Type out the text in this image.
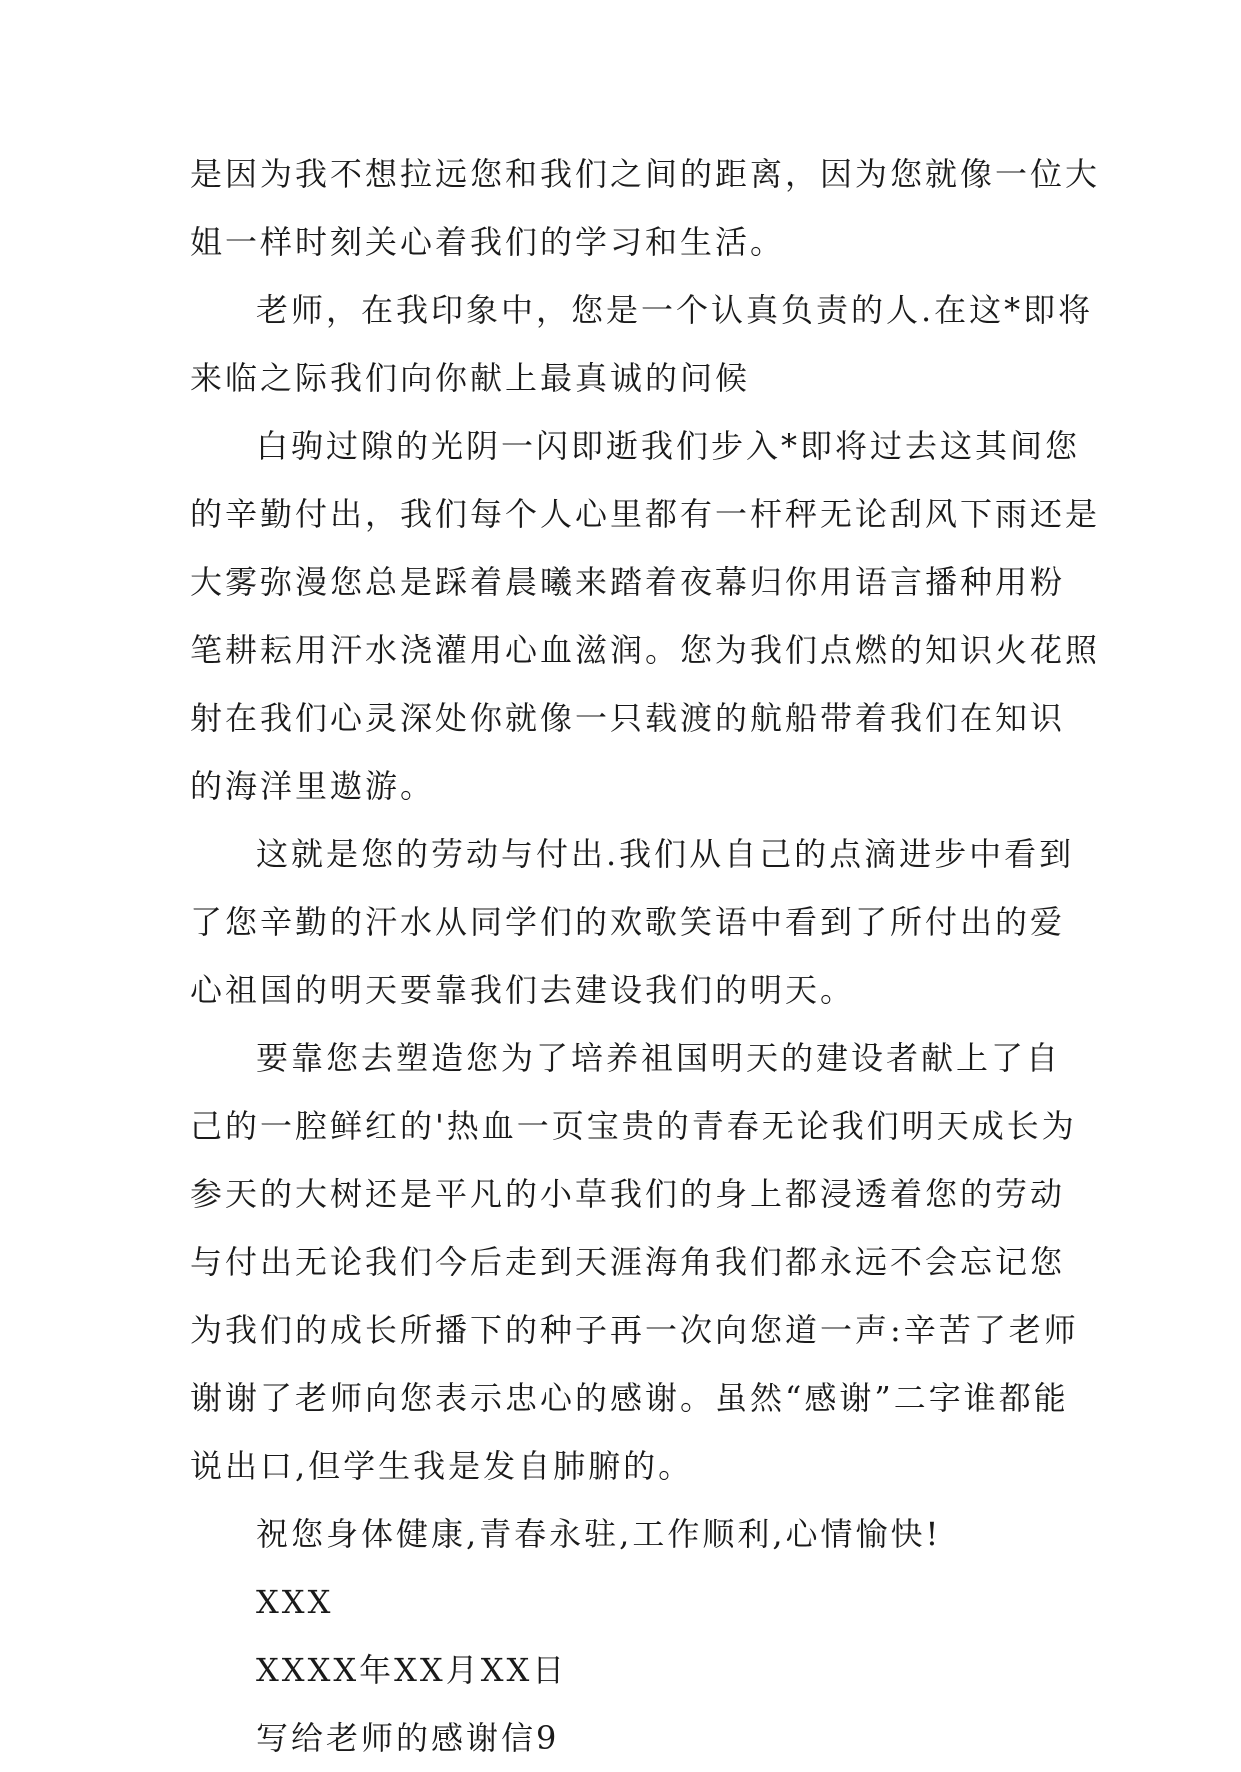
是因为我不想拉远您和我们之间的距离，因为您就像一位大
姐一样时刻关心着我们的学习和生活。
老师，在我印象中，您是一个认真负责的人.在这*即将
来临之际我们向你献上最真诚的问候
白驹过隙的光阴一闪即逝我们步入*即将过去这其间您
的辛勤付出，我们每个人心里都有一杆秤无论刮风下雨还是
大雾弥漫您总是踩着晨曦来踏着夜幕归你用语言播种用粉
笔耕耘用汗水浇灌用心血滋润。您为我们点燃的知识火花照
射在我们心灵深处你就像一只载渡的航船带着我们在知识
的海洋里遨游。
这就是您的劳动与付出.我们从自己的点滴进步中看到
了您辛勤的汗水从同学们的欢歌笑语中看到了所付出的爱
心祖国的明天要靠我们去建设我们的明天。
要靠您去塑造您为了培养祖国明天的建设者献上了自
己的一腔鲜红的'热血一页宝贵的青春无论我们明天成长为
参天的大树还是平凡的小草我们的身上都浸透着您的劳动
与付出无论我们今后走到天涯海角我们都永远不会忘记您
为我们的成长所播下的种子再一次向您道一声:辛苦了老师
谢谢了老师向您表示忠心的感谢。虽然“感谢”二字谁都能
说出口,但学生我是发自肺腑的。
祝您身体健康,青春永驻,工作顺利,心情愉快!
XXX
XXXX年XX月XX日
写给老师的感谢信9
